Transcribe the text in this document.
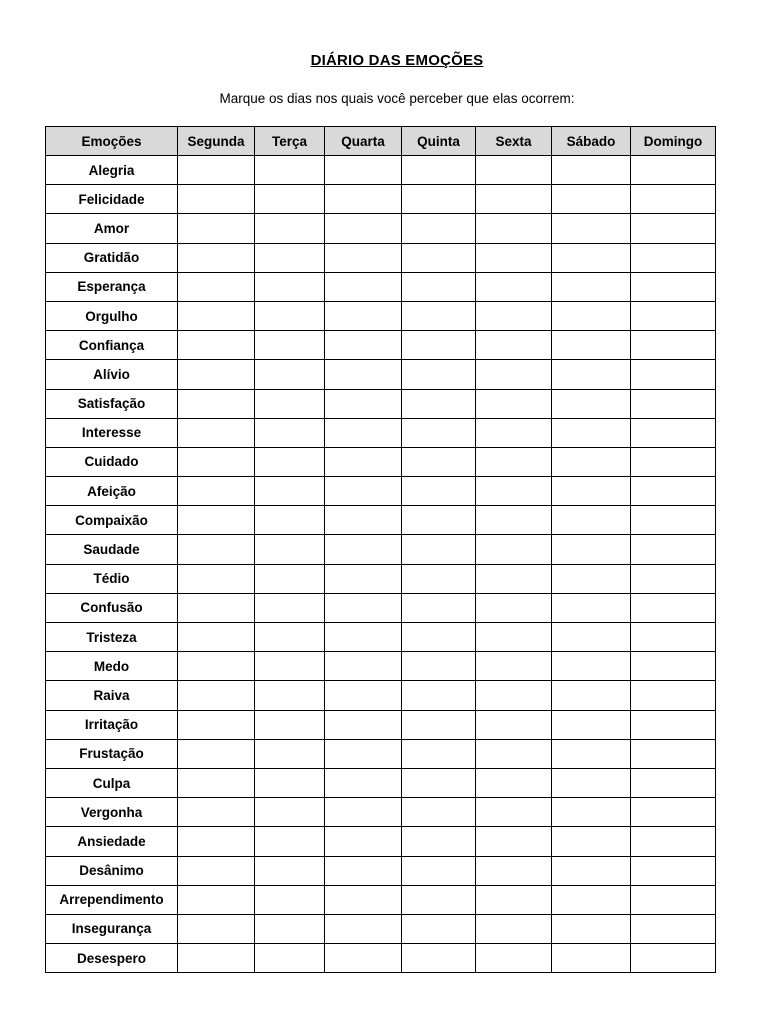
DIÁRIO DAS EMOÇÕES
Marque os dias nos quais você perceber que elas ocorrem:
Emoções	Segunda	Terça	Quarta	Quinta	Sexta	Sábado	Domingo
Alegria							
Felicidade							
Amor							
Gratidão							
Esperança							
Orgulho							
Confiança							
Alívio							
Satisfação							
Interesse							
Cuidado							
Afeição							
Compaixão							
Saudade							
Tédio							
Confusão							
Tristeza							
Medo							
Raiva							
Irritação							
Frustação							
Culpa							
Vergonha							
Ansiedade							
Desânimo							
Arrependimento							
Insegurança							
Desespero							
